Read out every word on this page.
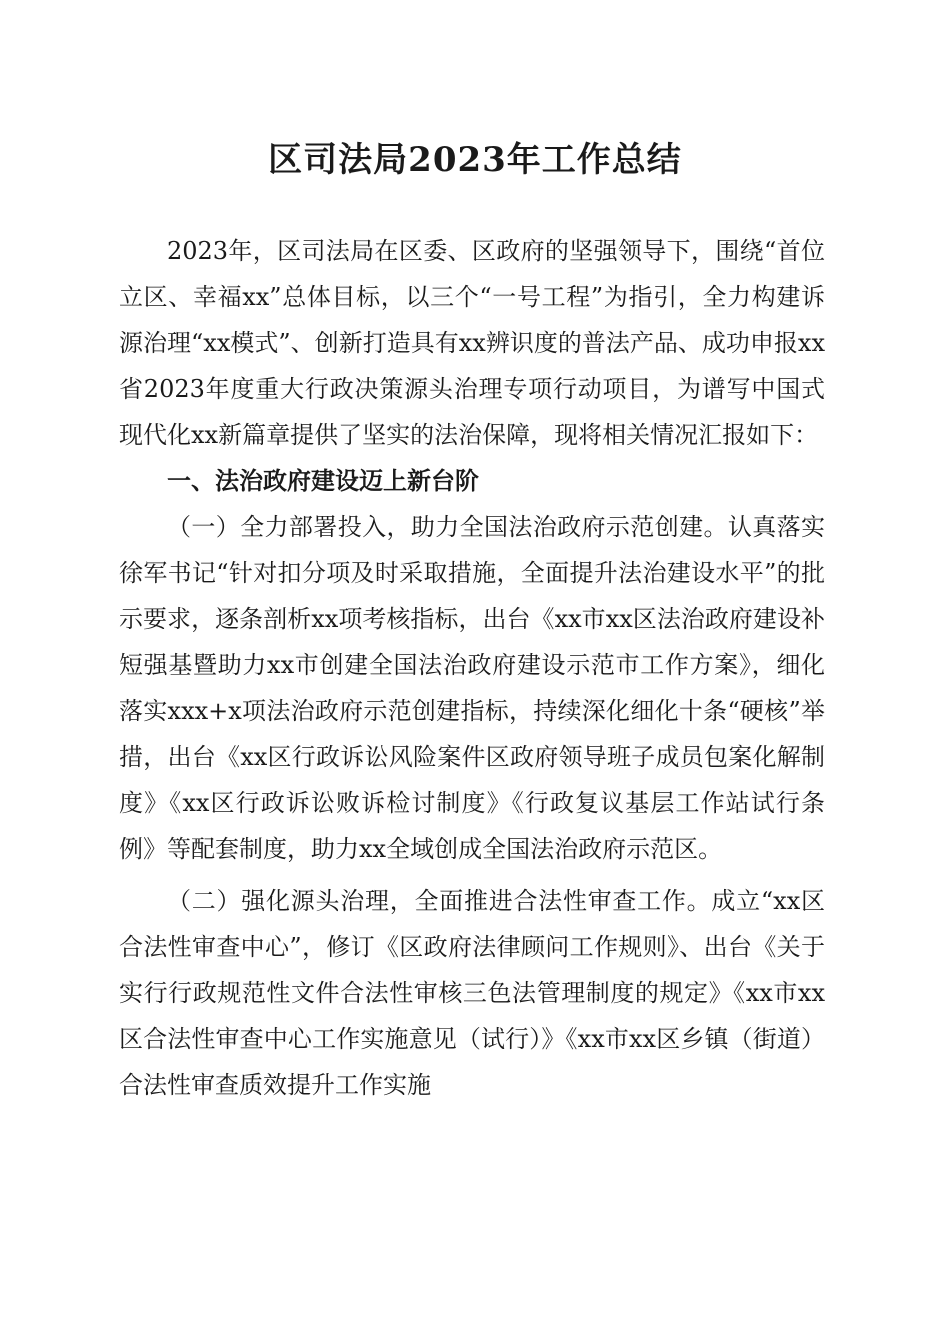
区司法局2023年工作总结

2023年，区司法局在区委、区政府的坚强领导下，围绕“首位立区、幸福xx”总体目标，以三个“一号工程”为指引，全力构建诉源治理“xx模式”、创新打造具有xx辨识度的普法产品、成功申报xx省2023年度重大行政决策源头治理专项行动项目，为谱写中国式现代化xx新篇章提供了坚实的法治保障，现将相关情况汇报如下：

一、法治政府建设迈上新台阶

（一）全力部署投入，助力全国法治政府示范创建。认真落实徐军书记“针对扣分项及时采取措施，全面提升法治建设水平”的批示要求，逐条剖析xx项考核指标，出台《xx市xx区法治政府建设补短强基暨助力xx市创建全国法治政府建设示范市工作方案》，细化落实xxx+x项法治政府示范创建指标，持续深化细化十条“硬核”举措，出台《xx区行政诉讼风险案件区政府领导班子成员包案化解制度》《xx区行政诉讼败诉检讨制度》《行政复议基层工作站试行条例》等配套制度，助力xx全域创成全国法治政府示范区。

（二）强化源头治理，全面推进合法性审查工作。成立“xx区合法性审查中心”，修订《区政府法律顾问工作规则》、出台《关于实行行政规范性文件合法性审核三色法管理制度的规定》《xx市xx区合法性审查中心工作实施意见（试行）》《xx市xx区乡镇（街道）合法性审查质效提升工作实施
